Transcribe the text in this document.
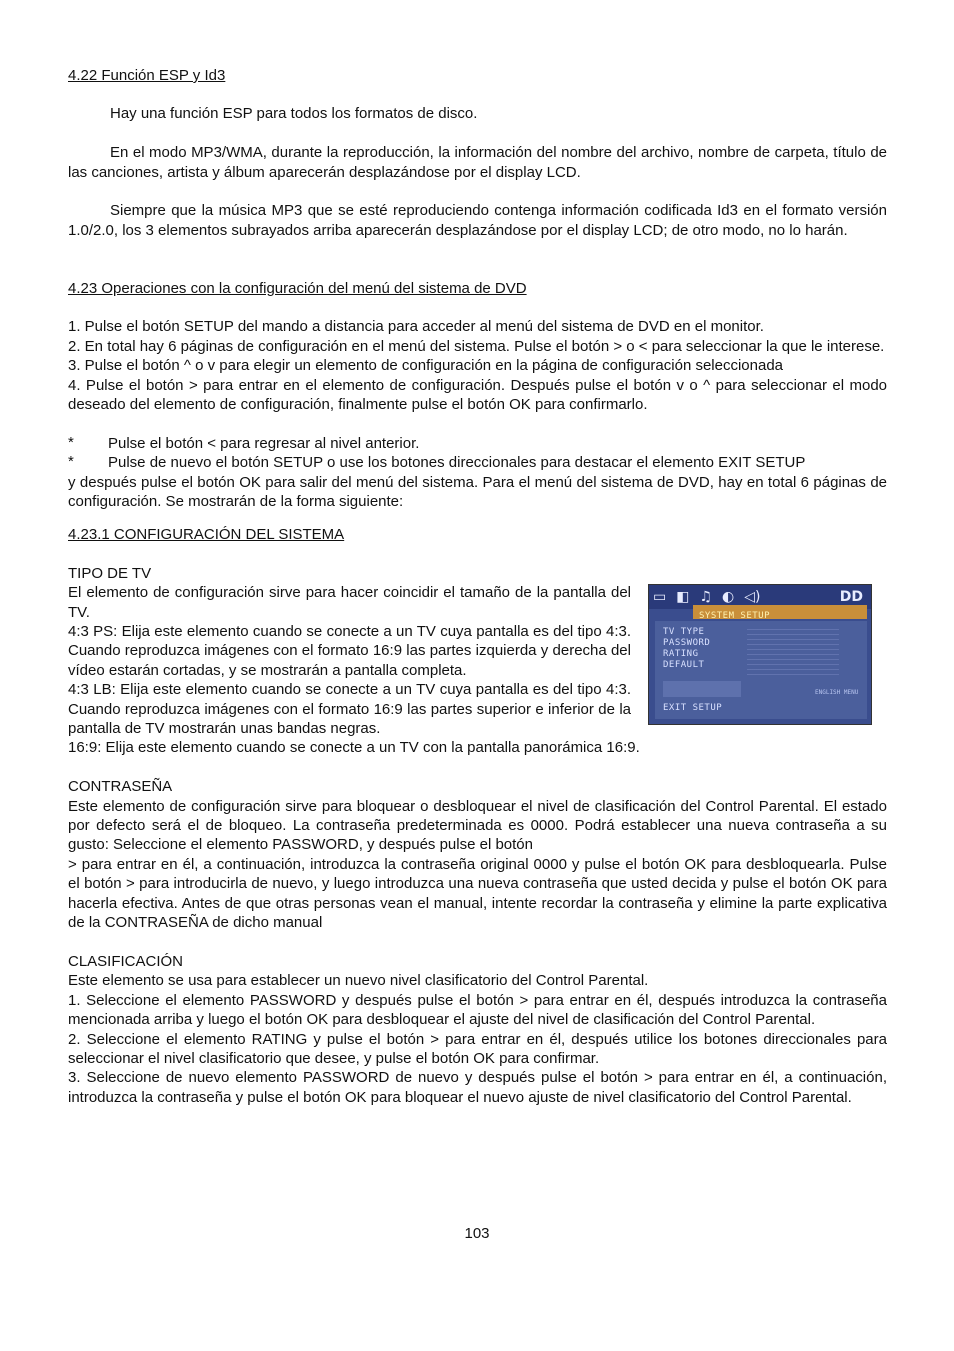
4.22 Función ESP y Id3

Hay una función ESP para todos los formatos de disco.

En el modo MP3/WMA, durante la reproducción, la información del nombre del archivo, nombre de carpeta, título de las canciones, artista y álbum aparecerán desplazándose por el display LCD.

Siempre que la música MP3 que se esté reproduciendo contenga información codificada Id3 en el formato versión 1.0/2.0, los 3 elementos subrayados arriba aparecerán desplazándose por el display LCD; de otro modo, no lo harán.

4.23 Operaciones con la configuración del menú del sistema de DVD

1. Pulse el botón SETUP del mando a distancia para acceder al menú del sistema de DVD en el monitor.

2. En total hay 6 páginas de configuración en el menú del sistema. Pulse el botón > o < para seleccionar la que le interese.

3. Pulse el botón ^ o v para elegir un elemento de configuración en la página de configuración seleccionada

4. Pulse el botón > para entrar en el elemento de configuración. Después pulse el botón v o ^ para seleccionar el modo deseado del elemento de configuración, finalmente pulse el botón OK para confirmarlo.

*	Pulse el botón < para regresar al nivel anterior.

*	Pulse de nuevo el botón SETUP o use los botones direccionales para destacar el elemento EXIT SETUP

y después pulse el botón OK para salir del menú del sistema. Para el menú del sistema de DVD, hay en total 6 páginas de configuración. Se mostrarán de la forma siguiente:

4.23.1 CONFIGURACIÓN DEL SISTEMA

TIPO DE TV

El elemento de configuración sirve para hacer coincidir el tamaño de la pantalla del TV.

4:3 PS: Elija este elemento cuando se conecte a un TV cuya pantalla es del tipo 4:3. Cuando reproduzca imágenes con el formato 16:9 las partes izquierda y derecha del vídeo estarán cortadas, y se mostrarán a pantalla completa.

4:3 LB: Elija este elemento cuando se conecte a un TV cuya pantalla es del tipo 4:3. Cuando reproduzca imágenes con el formato 16:9 las partes superior e inferior de la pantalla de TV mostrarán unas bandas negras.

▭ ◧ ♫ ◐ ◁)	DD
SYSTEM SETUP
TV TYPE
PASSWORD
RATING
DEFAULT
ENGLISH MENU
EXIT SETUP

16:9: Elija este elemento cuando se conecte a un TV con la pantalla panorámica 16:9.

CONTRASEÑA

Este elemento de configuración sirve para bloquear o desbloquear el nivel de clasificación del Control Parental. El estado por defecto será el de bloqueo. La contraseña predeterminada es 0000. Podrá establecer una nueva contraseña a su gusto: Seleccione el elemento PASSWORD, y después pulse el botón

> para entrar en él, a continuación, introduzca la contraseña original 0000 y pulse el botón OK para desbloquearla. Pulse el botón > para introducirla de nuevo, y luego introduzca una nueva contraseña que usted decida y pulse el botón OK para hacerla efectiva. Antes de que otras personas vean el manual, intente recordar la contraseña y elimine la parte explicativa de la CONTRASEÑA de dicho manual

CLASIFICACIÓN

Este elemento se usa para establecer un nuevo nivel clasificatorio del Control Parental.

1. Seleccione el elemento PASSWORD y después pulse el botón > para entrar en él, después introduzca la contraseña mencionada arriba y luego el botón OK para desbloquear el ajuste del nivel de clasificación del Control Parental.

2. Seleccione el elemento RATING y pulse el botón > para entrar en él, después utilice los botones direccionales para seleccionar el nivel clasificatorio que desee, y pulse el botón OK para confirmar.

3. Seleccione de nuevo elemento PASSWORD de nuevo y después pulse el botón > para entrar en él, a continuación, introduzca la contraseña y pulse el botón OK para bloquear el nuevo ajuste de nivel clasificatorio del Control Parental.

103
